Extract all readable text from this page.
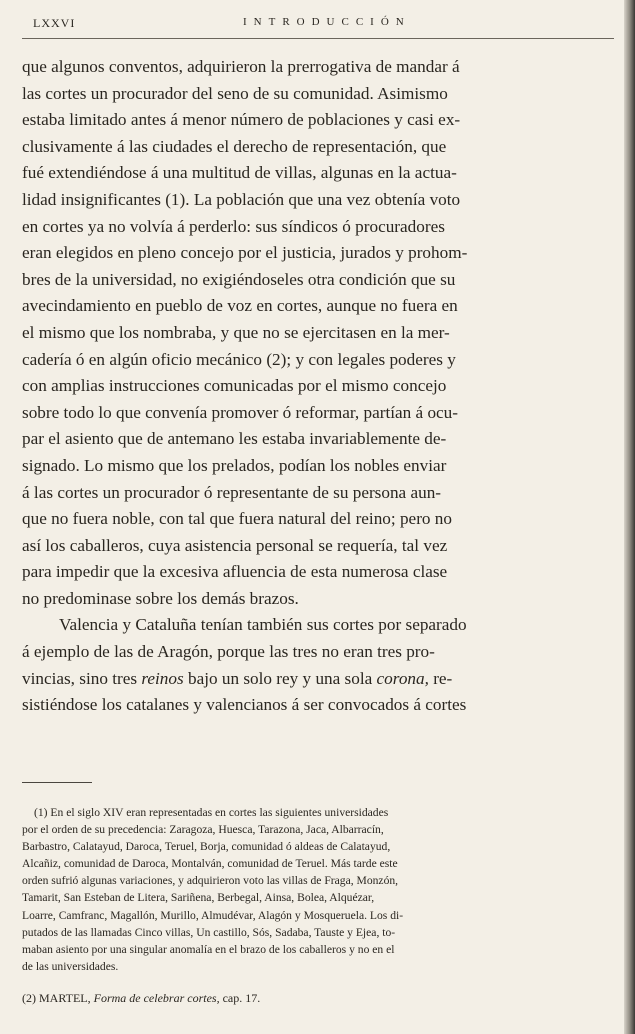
LXXVI	INTRODUCCIÓN
que algunos conventos, adquirieron la prerrogativa de mandar á
las cortes un procurador del seno de su comunidad. Asimismo
estaba limitado antes á menor número de poblaciones y casi ex-
clusivamente á las ciudades el derecho de representación, que
fué extendiéndose á una multitud de villas, algunas en la actua-
lidad insignificantes (1). La población que una vez obtenía voto
en cortes ya no volvía á perderlo: sus síndicos ó procuradores
eran elegidos en pleno concejo por el justicia, jurados y prohom-
bres de la universidad, no exigiéndoseles otra condición que su
avecindamiento en pueblo de voz en cortes, aunque no fuera en
el mismo que los nombraba, y que no se ejercitasen en la mer-
cadería ó en algún oficio mecánico (2); y con legales poderes y
con amplias instrucciones comunicadas por el mismo concejo
sobre todo lo que convenía promover ó reformar, partían á ocu-
par el asiento que de antemano les estaba invariablemente de-
signado. Lo mismo que los prelados, podían los nobles enviar
á las cortes un procurador ó representante de su persona aun-
que no fuera noble, con tal que fuera natural del reino; pero no
así los caballeros, cuya asistencia personal se requería, tal vez
para impedir que la excesiva afluencia de esta numerosa clase
no predominase sobre los demás brazos.
Valencia y Cataluña tenían también sus cortes por separado
á ejemplo de las de Aragón, porque las tres no eran tres pro-
vincias, sino tres reinos bajo un solo rey y una sola corona, re-
sistiéndose los catalanes y valencianos á ser convocados á cortes
(1) En el siglo XIV eran representadas en cortes las siguientes universidades
por el orden de su precedencia: Zaragoza, Huesca, Tarazona, Jaca, Albarracín,
Barbastro, Calatayud, Daroca, Teruel, Borja, comunidad ó aldeas de Calatayud,
Alcañiz, comunidad de Daroca, Montalván, comunidad de Teruel. Más tarde este
orden sufrió algunas variaciones, y adquirieron voto las villas de Fraga, Monzón,
Tamarit, San Esteban de Litera, Sariñena, Berbegal, Ainsa, Bolea, Alquézar,
Loarre, Camfranc, Magallón, Murillo, Almudévar, Alagón y Mosqueruela. Los di-
putados de las llamadas Cinco villas, Un castillo, Sós, Sadaba, Tauste y Ejea, to-
maban asiento por una singular anomalía en el brazo de los caballeros y no en el
de las universidades.
(2) MARTEL, Forma de celebrar cortes, cap. 17.
